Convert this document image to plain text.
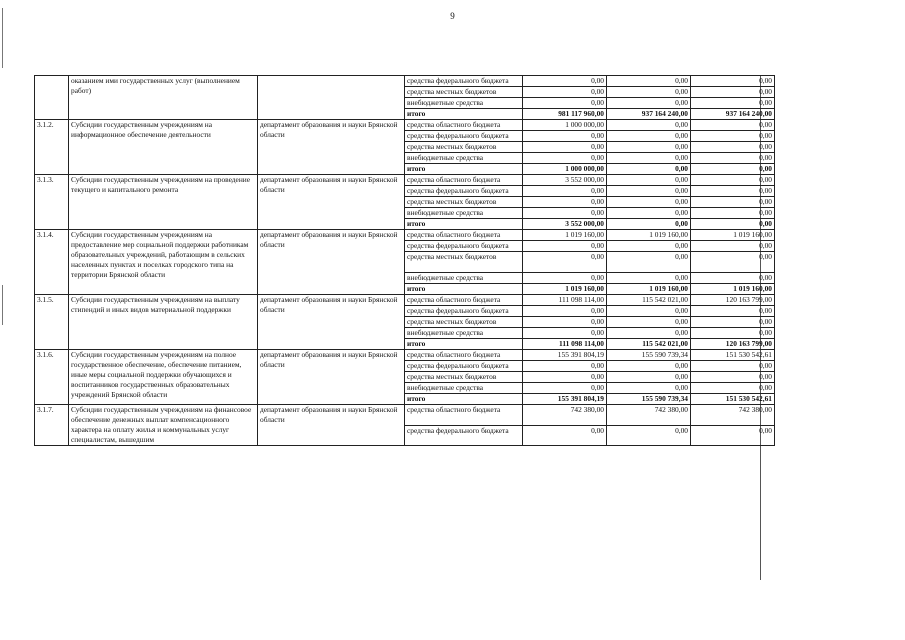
9
	оказанием ими государственных услуг (выполнением работ)		средства федерального бюджета	0,00	0,00	0,00
			средства местных бюджетов	0,00	0,00	0,00
			внебюджетные средства	0,00	0,00	0,00
			итого	981 117 960,00	937 164 240,00	937 164 240,00
3.1.2.	Субсидии государственным учреждениям на информационное обеспечение деятельности	департамент образования и науки Брянской области	средства областного бюджета	1 000 000,00	0,00	0,00
			средства федерального бюджета	0,00	0,00	0,00
			средства местных бюджетов	0,00	0,00	0,00
			внебюджетные средства	0,00	0,00	0,00
			итого	1 000 000,00	0,00	0,00
3.1.3.	Субсидии государственным учреждениям на проведение текущего и капитального ремонта	департамент образования и науки Брянской области	средства областного бюджета	3 552 000,00	0,00	0,00
			средства федерального бюджета	0,00	0,00	0,00
			средства местных бюджетов	0,00	0,00	0,00
			внебюджетные средства	0,00	0,00	0,00
			итого	3 552 000,00	0,00	0,00
3.1.4.	Субсидии государственным учреждениям на предоставление мер социальной поддержки работникам образовательных учреждений, работающим в сельских населенных пунктах и поселках городского типа на территории Брянской области	департамент образования и науки Брянской области	средства областного бюджета	1 019 160,00	1 019 160,00	1 019 160,00
			средства федерального бюджета	0,00	0,00	0,00
			средства местных бюджетов	0,00	0,00	0,00
			внебюджетные средства	0,00	0,00	0,00
			итого	1 019 160,00	1 019 160,00	1 019 160,00
3.1.5.	Субсидии государственным учреждениям на выплату стипендий и иных видов материальной поддержки	департамент образования и науки Брянской области	средства областного бюджета	111 098 114,00	115 542 021,00	120 163 799,00
			средства федерального бюджета	0,00	0,00	0,00
			средства местных бюджетов	0,00	0,00	0,00
			внебюджетные средства	0,00	0,00	0,00
			итого	111 098 114,00	115 542 021,00	120 163 799,00
3.1.6.	Субсидии государственным учреждениям на полное государственное обеспечение, обеспечение питанием, иные меры социальной поддержки обучающихся и воспитанников государственных образовательных учреждений Брянской области	департамент образования и науки Брянской области	средства областного бюджета	155 391 804,19	155 590 739,34	151 530 542,61
			средства федерального бюджета	0,00	0,00	0,00
			средства местных бюджетов	0,00	0,00	0,00
			внебюджетные средства	0,00	0,00	0,00
			итого	155 391 804,19	155 590 739,34	151 530 542,61
3.1.7.	Субсидии государственным учреждениям на финансовое обеспечение денежных выплат компенсационного характера на оплату жилья и коммунальных услуг специалистам, вышедшим	департамент образования и науки Брянской области	средства областного бюджета	742 380,00	742 380,00	742 380,00
			средства федерального бюджета	0,00	0,00	0,00
